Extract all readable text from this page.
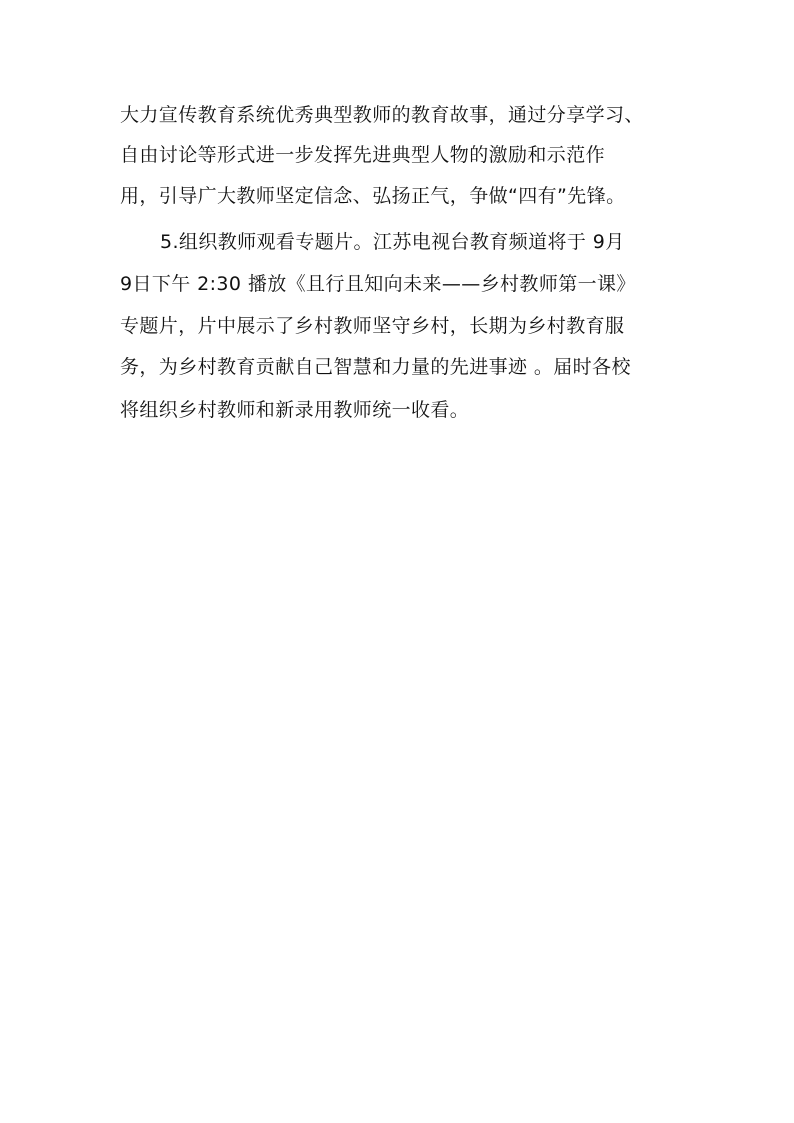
大力宣传教育系统优秀典型教师的教育故事，通过分享学习、
自由讨论等形式进一步发挥先进典型人物的激励和示范作
用，引导广大教师坚定信念、弘扬正气，争做“四有”先锋。
5.组织教师观看专题片。江苏电视台教育频道将于 9月
9日下午 2:30 播放《且行且知向未来——乡村教师第一课》
专题片，片中展示了乡村教师坚守乡村，长期为乡村教育服
务，为乡村教育贡献自己智慧和力量的先进事迹 。届时各校
将组织乡村教师和新录用教师统一收看。
